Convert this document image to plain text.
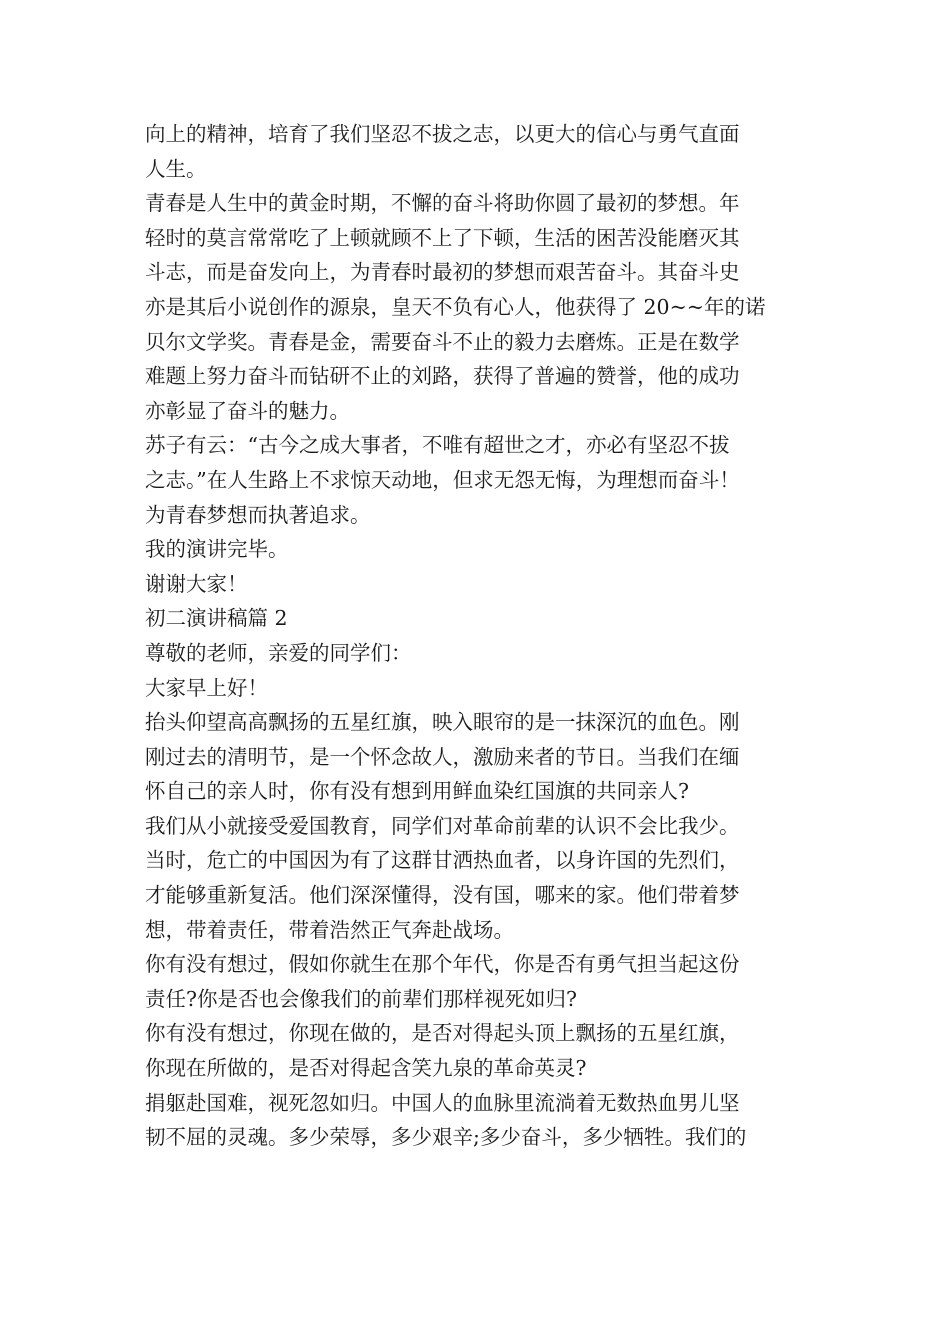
向上的精神，培育了我们坚忍不拔之志，以更大的信心与勇气直面
人生。
青春是人生中的黄金时期，不懈的奋斗将助你圆了最初的梦想。年
轻时的莫言常常吃了上顿就顾不上了下顿，生活的困苦没能磨灭其
斗志，而是奋发向上，为青春时最初的梦想而艰苦奋斗。其奋斗史
亦是其后小说创作的源泉，皇天不负有心人，他获得了 20~~年的诺
贝尔文学奖。青春是金，需要奋斗不止的毅力去磨炼。正是在数学
难题上努力奋斗而钻研不止的刘路，获得了普遍的赞誉，他的成功
亦彰显了奋斗的魅力。
苏子有云：“古今之成大事者，不唯有超世之才，亦必有坚忍不拔
之志。”在人生路上不求惊天动地，但求无怨无悔，为理想而奋斗！
为青春梦想而执著追求。
我的演讲完毕。
谢谢大家！
初二演讲稿篇 2
尊敬的老师，亲爱的同学们：
大家早上好！
抬头仰望高高飘扬的五星红旗，映入眼帘的是一抹深沉的血色。刚
刚过去的清明节，是一个怀念故人，激励来者的节日。当我们在缅
怀自己的亲人时，你有没有想到用鲜血染红国旗的共同亲人?
我们从小就接受爱国教育，同学们对革命前辈的认识不会比我少。
当时，危亡的中国因为有了这群甘洒热血者，以身许国的先烈们，
才能够重新复活。他们深深懂得，没有国，哪来的家。他们带着梦
想，带着责任，带着浩然正气奔赴战场。
你有没有想过，假如你就生在那个年代，你是否有勇气担当起这份
责任?你是否也会像我们的前辈们那样视死如归?
你有没有想过，你现在做的，是否对得起头顶上飘扬的五星红旗，
你现在所做的，是否对得起含笑九泉的革命英灵?
捐躯赴国难，视死忽如归。中国人的血脉里流淌着无数热血男儿坚
韧不屈的灵魂。多少荣辱，多少艰辛;多少奋斗，多少牺牲。我们的
